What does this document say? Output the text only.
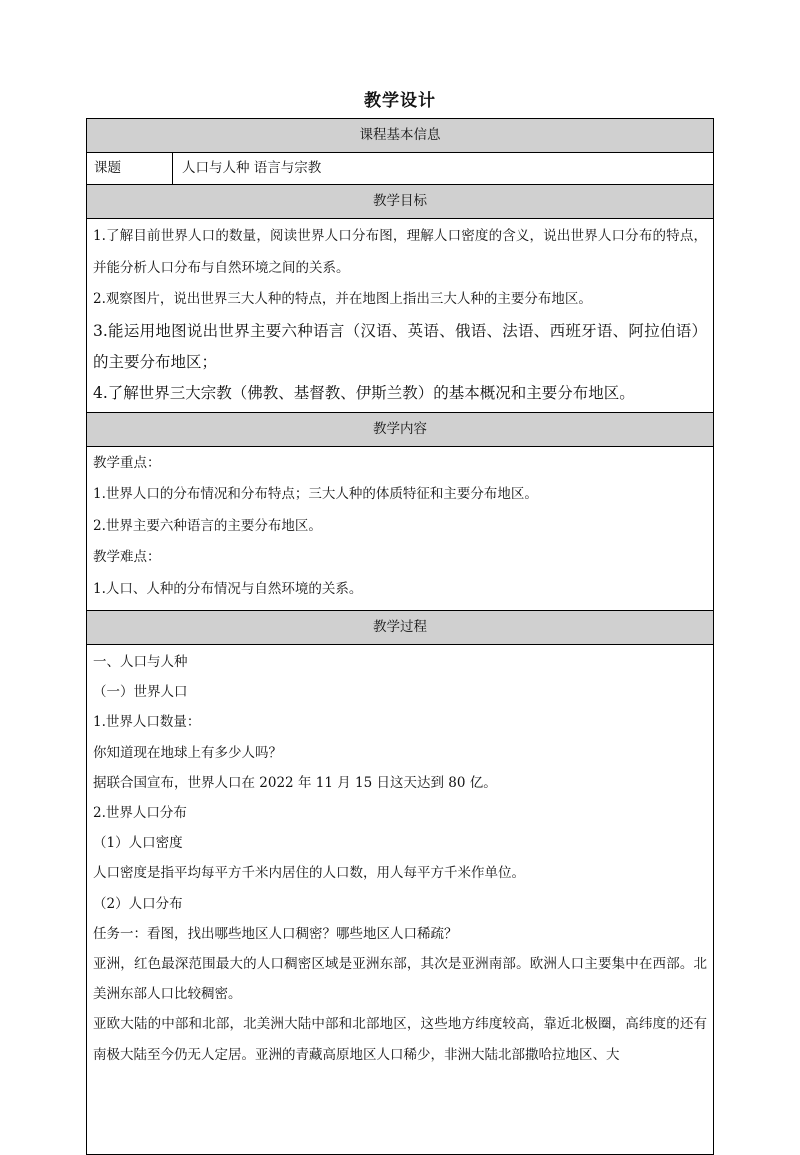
教学设计
课程基本信息
课题	人口与人种 语言与宗教
教学目标

1.了解目前世界人口的数量，阅读世界人口分布图，理解人口密度的含义，说出世界人口分布的特点，并能分析人口分布与自然环境之间的关系。

2.观察图片，说出世界三大人种的特点，并在地图上指出三大人种的主要分布地区。

3.能运用地图说出世界主要六种语言（汉语、英语、俄语、法语、西班牙语、阿拉伯语）的主要分布地区；

4.了解世界三大宗教（佛教、基督教、伊斯兰教）的基本概况和主要分布地区。

教学内容

教学重点：

1.世界人口的分布情况和分布特点；三大人种的体质特征和主要分布地区。

2.世界主要六种语言的主要分布地区。

教学难点：

1.人口、人种的分布情况与自然环境的关系。

教学过程

一、人口与人种

（一）世界人口

1.世界人口数量：

你知道现在地球上有多少人吗？

据联合国宣布，世界人口在 2022 年 11 月 15 日这天达到 80 亿。

2.世界人口分布

（1）人口密度

人口密度是指平均每平方千米内居住的人口数，用人每平方千米作单位。

（2）人口分布

任务一：看图，找出哪些地区人口稠密？哪些地区人口稀疏？

亚洲，红色最深范围最大的人口稠密区域是亚洲东部，其次是亚洲南部。欧洲人口主要集中在西部。北美洲东部人口比较稠密。

亚欧大陆的中部和北部，北美洲大陆中部和北部地区，这些地方纬度较高，靠近北极圈，高纬度的还有南极大陆至今仍无人定居。亚洲的青藏高原地区人口稀少，非洲大陆北部撒哈拉地区、大
